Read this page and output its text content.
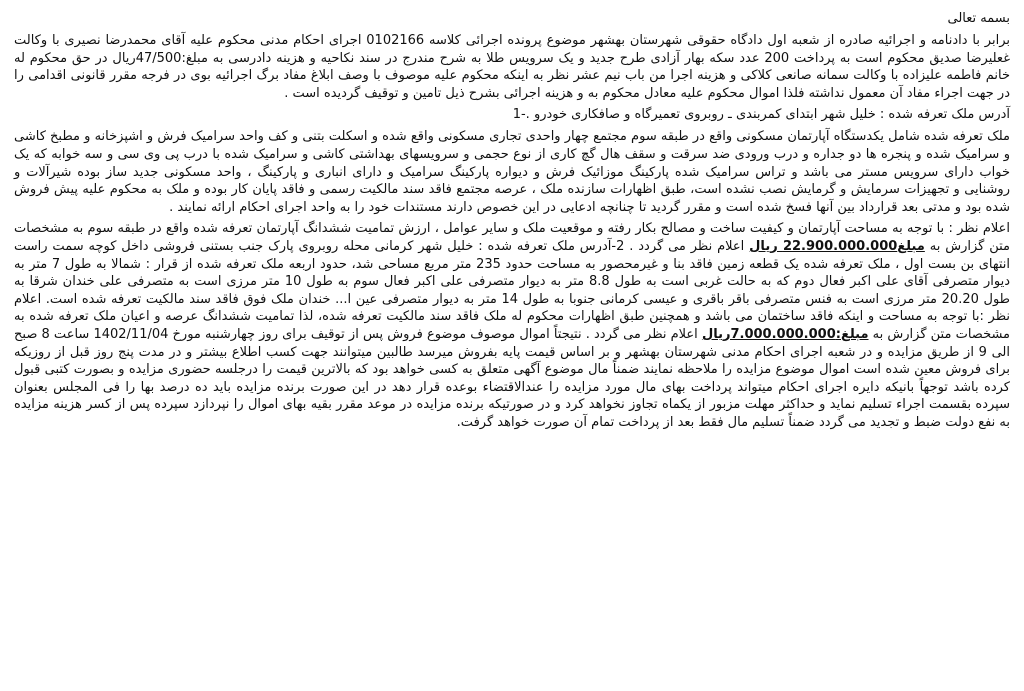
بسمه تعالی

برابر با دادنامه و اجرائیه صادره از شعبه اول دادگاه حقوقی شهرستان بهشهر موضوع پرونده اجرائی کلاسه 0102166 اجرای احکام مدنی محکوم علیه آقای محمدرضا نصیری با وکالت غعلیرضا صدیق محکوم است به پرداخت 200 عدد سکه بهار آزادی طرح جدید و یک سرویس طلا به شرح مندرج در سند نکاحیه و هزینه دادرسی به مبلغ:47/500ریال در حق محکوم له خانم فاطمه علیزاده با وکالت سمانه صانعی کلاکی و هزینه اجرا من باب نیم عشر نظر به اینکه محکوم علیه موصوف با وصف ابلاغ مفاد برگ اجرائیه بوی در فرجه مقرر قانونی اقدامی را در جهت اجراء مفاد آن معمول نداشته فلذا اموال محکوم علیه معادل محکوم به و هزینه اجرائی بشرح ذیل تامین و توقیف گردیده است .

آدرس ملک تعرفه شده : خلیل شهر ابتدای کمربندی ـ روبروی تعمیرگاه و صافکاری خودرو .-1

ملک تعرفه شده شامل یکدستگاه آپارتمان مسکونی واقع در طبقه سوم مجتمع چهار واحدی تجاری مسکونی واقع شده و اسکلت بتنی و کف واحد سرامیک فرش و اشپزخانه و مطبخ کاشی و سرامیک شده و پنجره ها دو جداره و درب ورودی ضد سرقت و سقف هال گچ کاری از نوع حجمی و سرویسهای بهداشتی کاشی و سرامیک شده با درب پی وی سی و سه خوابه که یک خواب دارای سرویس مستر می باشد و تراس سرامیک شده پارکینگ موزائیک فرش و دیواره پارکینگ سرامیک و دارای انباری و پارکینگ ، واحد مسکونی جدید ساز بوده شیرآلات و روشنایی و تجهیزات سرمایش و گرمایش نصب نشده است، طبق اظهارات سازنده ملک ، عرصه مجتمع فاقد سند مالکیت رسمی و فاقد پایان کار بوده و ملک به محکوم علیه پیش فروش شده بود و مدتی بعد قرارداد بین آنها فسخ شده است و مقرر گردید تا چنانچه ادعایی در این خصوص دارند مستندات خود را به واحد اجرای احکام ارائه نمایند .

اعلام نظر : با توجه به مساحت آپارتمان و کیفیت ساخت و مصالح بکار رفته و موقعیت ملک و سایر عوامل ، ارزش تمامیت ششدانگ آپارتمان تعرفه شده واقع در طبقه سوم به مشخصات متن گزارش به مبلغ22.900.000.000 ریال اعلام نظر می گردد . 2-آدرس ملک تعرفه شده : خلیل شهر کرمانی محله روبروی پارک جنب بستنی فروشی داخل کوچه سمت راست انتهای بن بست اول ، ملک تعرفه شده یک قطعه زمین فاقد بنا و غیرمحصور به مساحت حدود 235 متر مربع مساحی شد، حدود اربعه ملک تعرفه شده از قرار : شمالا به طول 7 متر به دیوار متصرفی آقای علی اکبر فعال دوم که به حالت غربی است به طول 8.8 متر به دیوار متصرفی علی اکبر فعال سوم به طول 10 متر مرزی است به متصرفی علی خندان شرقا به طول 20.20 متر مرزی است به فنس متصرفی باقر باقری و عیسی کرمانی جنوبا به طول 14 متر به دیوار متصرفی عین ا... خندان ملک فوق فاقد سند مالکیت تعرفه شده است. اعلام نظر :با توجه به مساحت و اینکه فاقد ساختمان می باشد و همچنین طبق اظهارات محکوم له ملک فاقد سند مالکیت تعرفه شده، لذا تمامیت ششدانگ عرصه و اعیان ملک تعرفه شده به مشخصات متن گزارش به مبلغ:7.000.000.000ریال اعلام نظر می گردد . نتیجتاً اموال موصوف موضوع فروش پس از توقیف برای روز چهارشنبه مورخ 1402/11/04 ساعت 8 صبح الی 9 از طریق مزایده و در شعبه اجرای احکام مدنی شهرستان بهشهر و بر اساس قیمت پایه بفروش میرسد طالبین میتوانند جهت کسب اطلاع بیشتر و در مدت پنج روز قبل از روزیکه برای فروش معین شده است اموال موضوع مزایده را ملاحظه نمایند ضمناً مال موضوع آگهی متعلق به کسی خواهد بود که بالاترین قیمت را درجلسه حضوری مزایده و بصورت کتبی قبول کرده باشد توجهاً بانیکه دایره اجرای احکام میتواند پرداخت بهای مال مورد مزایده را عندالاقتضاء بوعده قرار دهد در این صورت برنده مزایده باید ده درصد بها را فی المجلس بعنوان سپرده بقسمت اجراء تسلیم نماید و حداکثر مهلت مزبور از یکماه تجاوز نخواهد کرد و در صورتیکه برنده مزایده در موعد مقرر بقیه بهای اموال را نپردازد سپرده پس از کسر هزینه مزایده به نفع دولت ضبط و تجدید می گردد ضمناً تسلیم مال فقط بعد از پرداخت تمام آن صورت خواهد گرفت.
